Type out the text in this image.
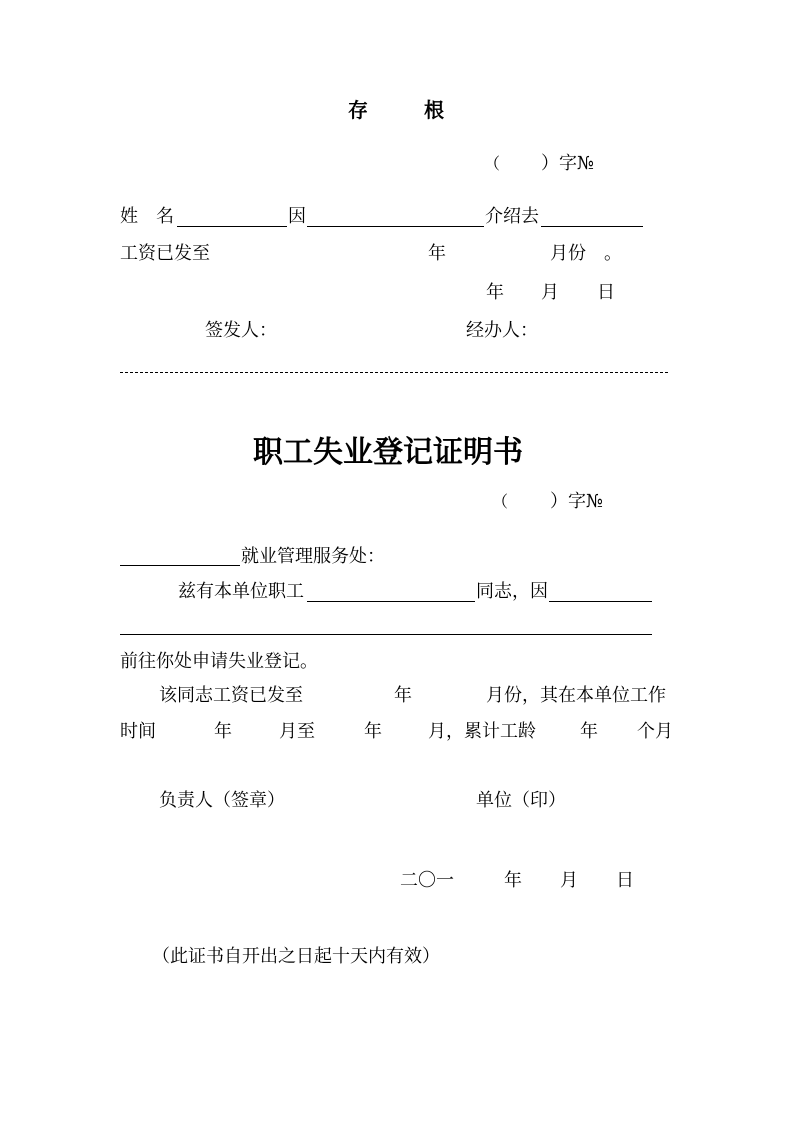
存	根
（ ）字№
姓　名	因	介绍去
工资已发至	年	月份　。
年 月 日
签发人：	经办人：
职工失业登记证明书
（ ）字№
就业管理服务处：
兹有本单位职工	同志，因
前往你处申请失业登记。
该同志工资已发至	年	月份，其在本单位工作
时间	年	月至	年	月，累计工龄 年 个月
负责人（签章）	单位（印）
二〇一	年 月 日
（此证书自开出之日起十天内有效）
